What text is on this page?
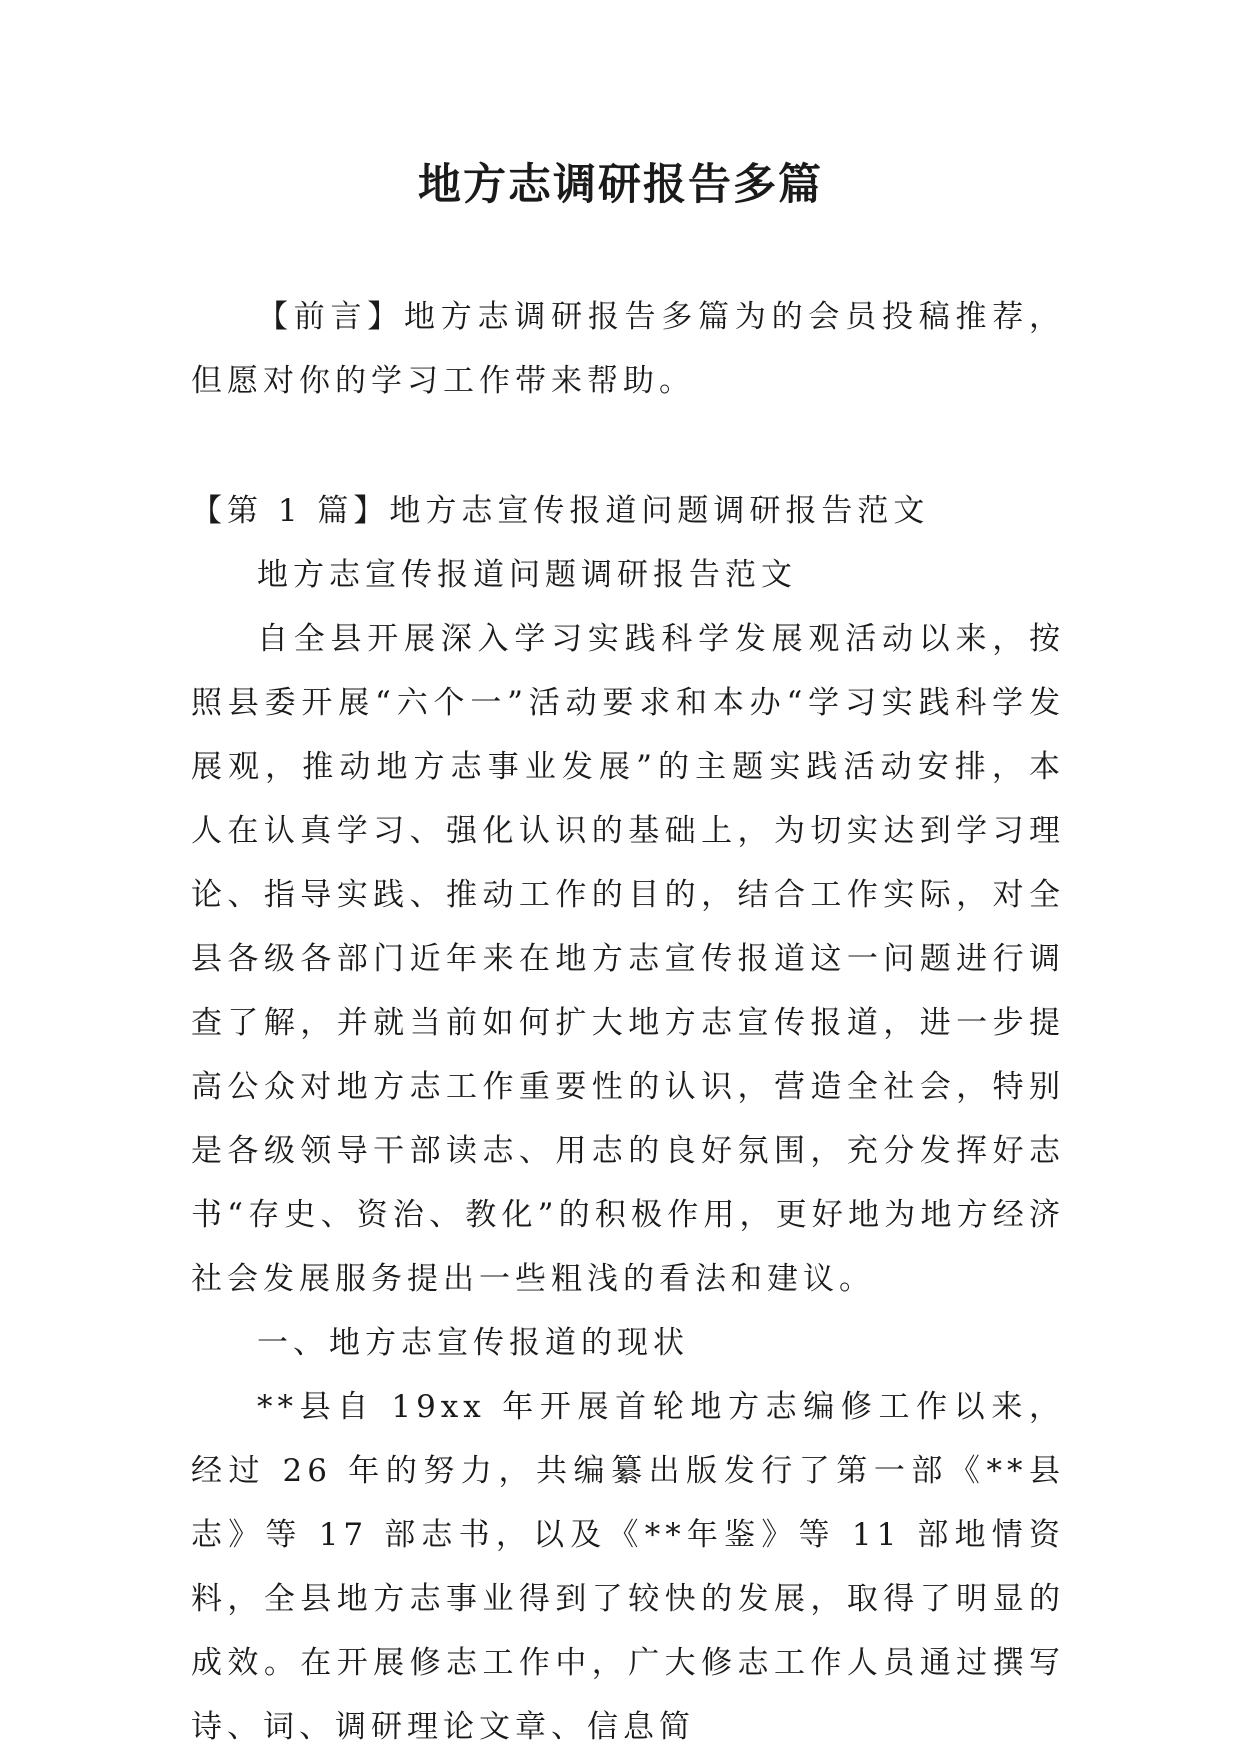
地方志调研报告多篇

【前言】地方志调研报告多篇为的会员投稿推荐，但愿对你的学习工作带来帮助。

【第 1 篇】地方志宣传报道问题调研报告范文

地方志宣传报道问题调研报告范文

自全县开展深入学习实践科学发展观活动以来，按照县委开展“六个一”活动要求和本办“学习实践科学发展观，推动地方志事业发展”的主题实践活动安排，本人在认真学习、强化认识的基础上，为切实达到学习理论、指导实践、推动工作的目的，结合工作实际，对全县各级各部门近年来在地方志宣传报道这一问题进行调查了解，并就当前如何扩大地方志宣传报道，进一步提高公众对地方志工作重要性的认识，营造全社会，特别是各级领导干部读志、用志的良好氛围，充分发挥好志书“存史、资治、教化”的积极作用，更好地为地方经济社会发展服务提出一些粗浅的看法和建议。

一、地方志宣传报道的现状

**县自 19xx 年开展首轮地方志编修工作以来，经过 26 年的努力，共编纂出版发行了第一部《**县志》等 17 部志书，以及《**年鉴》等 11 部地情资料，全县地方志事业得到了较快的发展，取得了明显的成效。在开展修志工作中，广大修志工作人员通过撰写诗、词、调研理论文章、信息简
